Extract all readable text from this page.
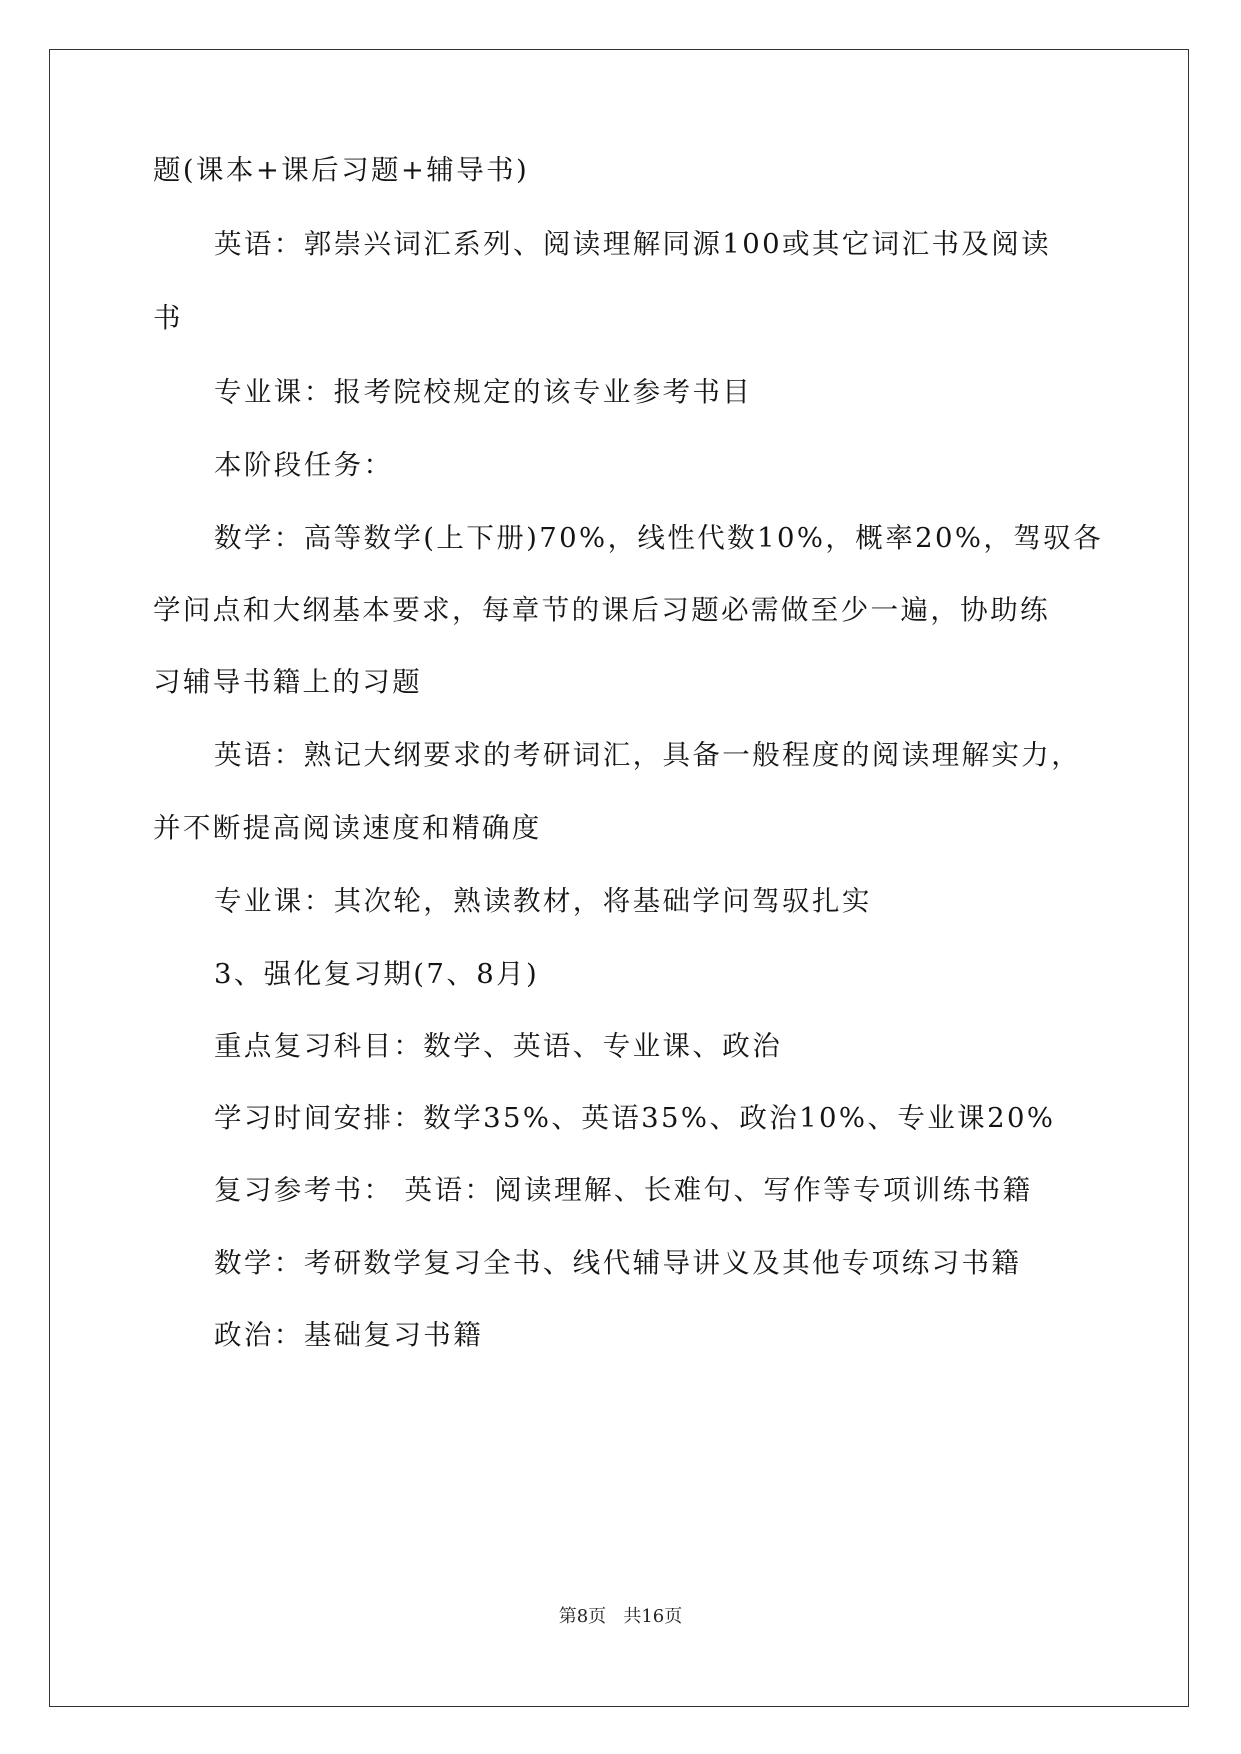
题(课本+课后习题+辅导书)
英语：郭崇兴词汇系列、阅读理解同源100或其它词汇书及阅读
书
专业课：报考院校规定的该专业参考书目
本阶段任务：
数学：高等数学(上下册)70%，线性代数10%，概率20%，驾驭各
学问点和大纲基本要求，每章节的课后习题必需做至少一遍，协助练
习辅导书籍上的习题
英语：熟记大纲要求的考研词汇，具备一般程度的阅读理解实力，
并不断提高阅读速度和精确度
专业课：其次轮，熟读教材，将基础学问驾驭扎实
3、强化复习期(7、8月)
重点复习科目：数学、英语、专业课、政治
学习时间安排：数学35%、英语35%、政治10%、专业课20%
复习参考书： 英语：阅读理解、长难句、写作等专项训练书籍
数学：考研数学复习全书、线代辅导讲义及其他专项练习书籍
政治：基础复习书籍
第8页   共16页
